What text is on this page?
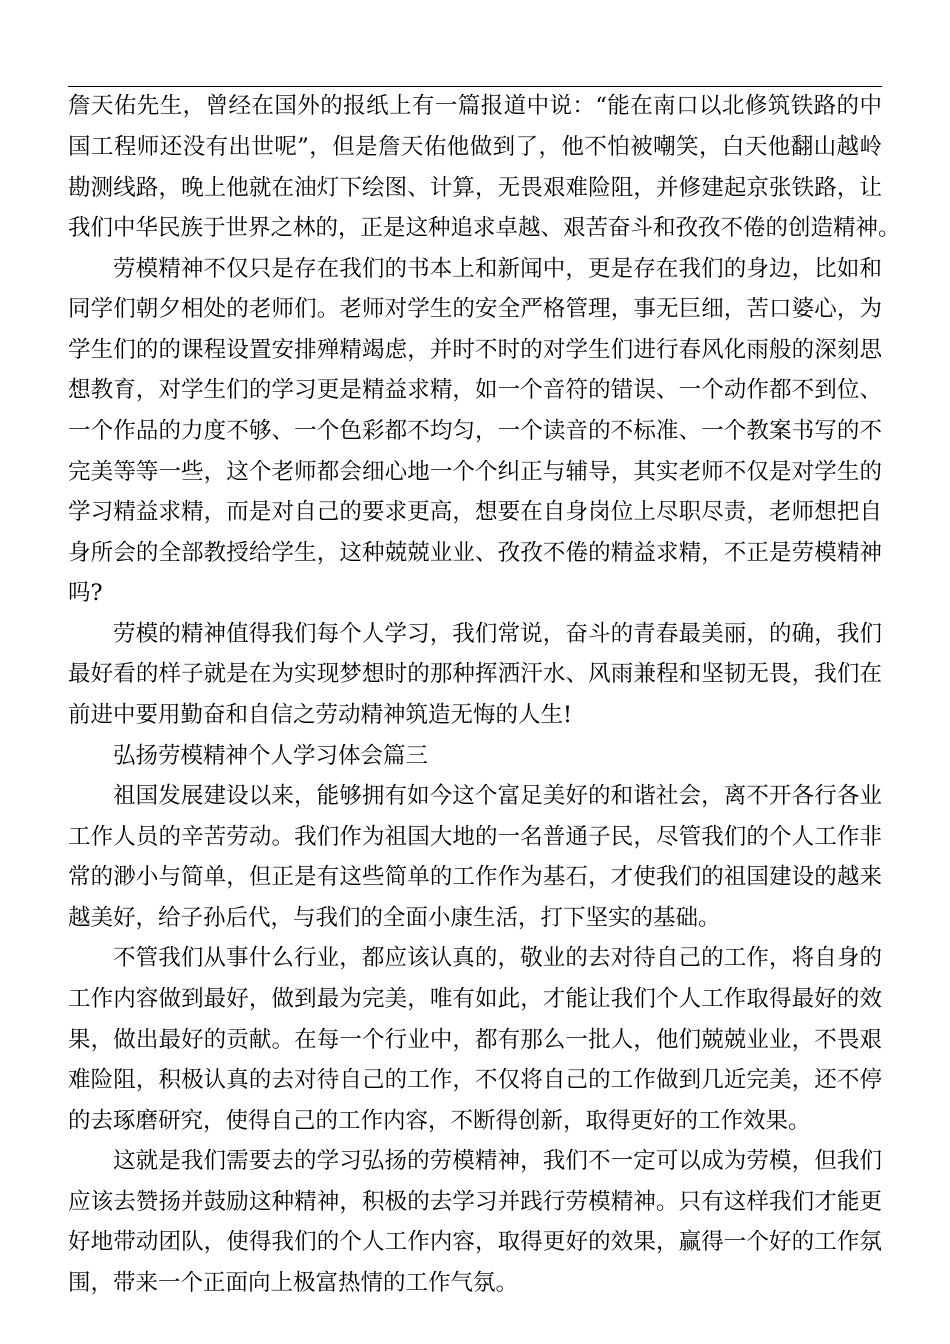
詹天佑先生，曾经在国外的报纸上有一篇报道中说：“能在南口以北修筑铁路的中
国工程师还没有出世呢”，但是詹天佑他做到了，他不怕被嘲笑，白天他翻山越岭
勘测线路，晚上他就在油灯下绘图、计算，无畏艰难险阻，并修建起京张铁路，让
我们中华民族于世界之林的，正是这种追求卓越、艰苦奋斗和孜孜不倦的创造精神。
劳模精神不仅只是存在我们的书本上和新闻中，更是存在我们的身边，比如和
同学们朝夕相处的老师们。老师对学生的安全严格管理，事无巨细，苦口婆心，为
学生们的的课程设置安排殚精竭虑，并时不时的对学生们进行春风化雨般的深刻思
想教育，对学生们的学习更是精益求精，如一个音符的错误、一个动作都不到位、
一个作品的力度不够、一个色彩都不均匀，一个读音的不标准、一个教案书写的不
完美等等一些，这个老师都会细心地一个个纠正与辅导，其实老师不仅是对学生的
学习精益求精，而是对自己的要求更高，想要在自身岗位上尽职尽责，老师想把自
身所会的全部教授给学生，这种兢兢业业、孜孜不倦的精益求精，不正是劳模精神
吗?
劳模的精神值得我们每个人学习，我们常说，奋斗的青春最美丽，的确，我们
最好看的样子就是在为实现梦想时的那种挥洒汗水、风雨兼程和坚韧无畏，我们在
前进中要用勤奋和自信之劳动精神筑造无悔的人生!
弘扬劳模精神个人学习体会篇三
祖国发展建设以来，能够拥有如今这个富足美好的和谐社会，离不开各行各业
工作人员的辛苦劳动。我们作为祖国大地的一名普通子民，尽管我们的个人工作非
常的渺小与简单，但正是有这些简单的工作作为基石，才使我们的祖国建设的越来
越美好，给子孙后代，与我们的全面小康生活，打下坚实的基础。
不管我们从事什么行业，都应该认真的，敬业的去对待自己的工作，将自身的
工作内容做到最好，做到最为完美，唯有如此，才能让我们个人工作取得最好的效
果，做出最好的贡献。在每一个行业中，都有那么一批人，他们兢兢业业，不畏艰
难险阻，积极认真的去对待自己的工作，不仅将自己的工作做到几近完美，还不停
的去琢磨研究，使得自己的工作内容，不断得创新，取得更好的工作效果。
这就是我们需要去的学习弘扬的劳模精神，我们不一定可以成为劳模，但我们
应该去赞扬并鼓励这种精神，积极的去学习并践行劳模精神。只有这样我们才能更
好地带动团队，使得我们的个人工作内容，取得更好的效果，赢得一个好的工作氛
围，带来一个正面向上极富热情的工作气氛。
